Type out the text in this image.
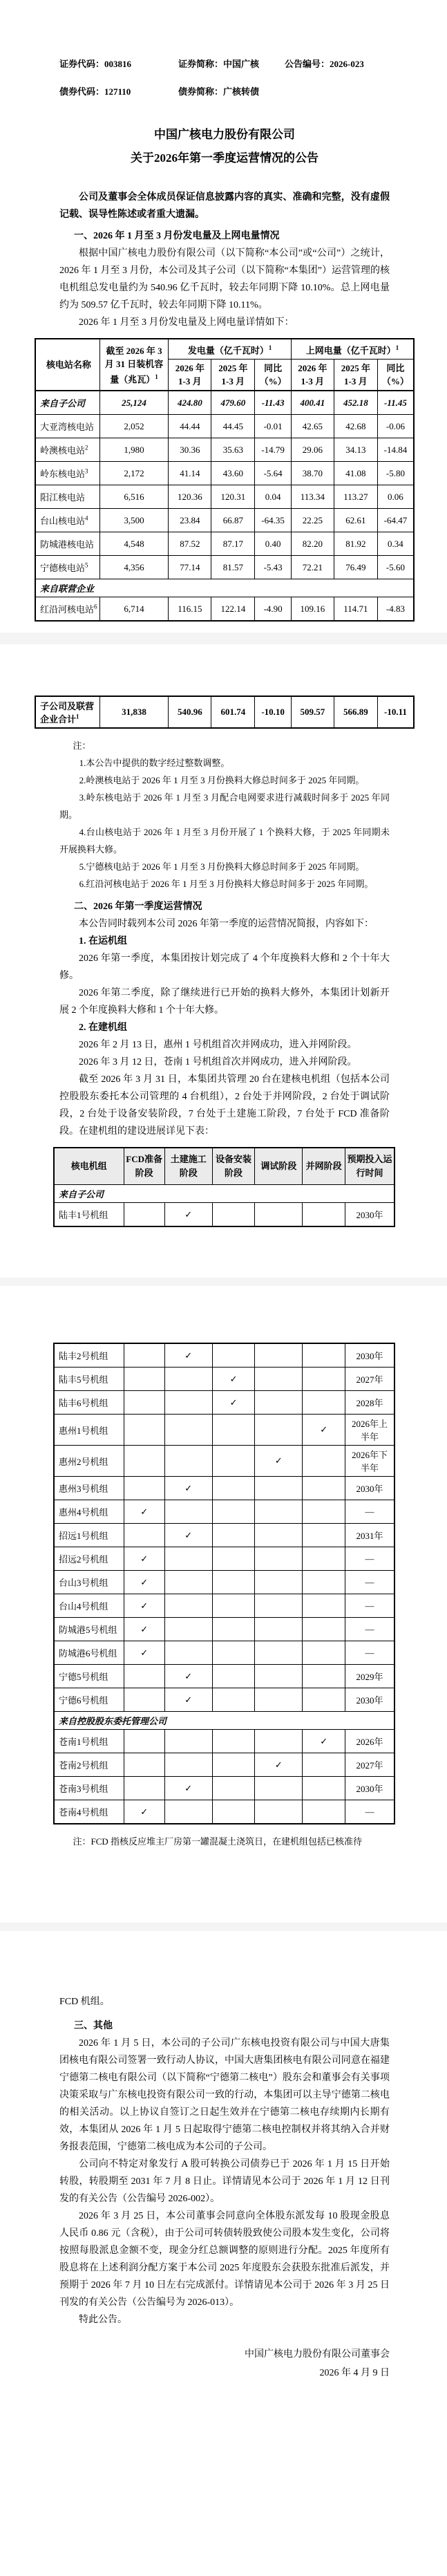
证券代码：003816	证券简称：中国广核	公告编号：2026-023
债券代码：127110	债券简称：广核转债
中国广核电力股份有限公司
关于2026年第一季度运营情况的公告

公司及董事会全体成员保证信息披露内容的真实、准确和完整，没有虚假记载、误导性陈述或者重大遗漏。

一、2026 年 1 月至 3 月份发电量及上网电量情况

根据中国广核电力股份有限公司（以下简称“本公司”或“公司”）之统计，2026 年 1 月至 3 月份，本公司及其子公司（以下简称“本集团”）运营管理的核电机组总发电量约为 540.96 亿千瓦时，较去年同期下降 10.10%。总上网电量约为 509.57 亿千瓦时，较去年同期下降 10.11%。

2026 年 1 月至 3 月份发电量及上网电量详情如下：

核电站名称	截至 2026 年 3月 31 日装机容量（兆瓦）$^1$	发电量（亿千瓦时）$^1$			上网电量（亿千瓦时）$^1$
		2026 年 1-3 月	2025 年 1-3 月	同比（%）	2026 年 1-3 月	2025 年 1-3 月	同比（%）
来自子公司	25,124	424.80	479.60	-11.43	400.41	452.18	-11.45
大亚湾核电站	2,052	44.44	44.45	-0.01	42.65	42.68	-0.06
岭澳核电站$^2$	1,980	30.36	35.63	-14.79	29.06	34.13	-14.84
岭东核电站$^3$	2,172	41.14	43.60	-5.64	38.70	41.08	-5.80
阳江核电站	6,516	120.36	120.31	0.04	113.34	113.27	0.06
台山核电站$^4$	3,500	23.84	66.87	-64.35	22.25	62.61	-64.47
防城港核电站	4,548	87.52	87.17	0.40	82.20	81.92	0.34
宁德核电站$^5$	4,356	77.14	81.57	-5.43	72.21	76.49	-5.60
来自联营企业							
红沿河核电站$^6$	6,714	116.15	122.14	-4.90	109.16	114.71	-4.83
子公司及联营企业合计$^1$	31,838	540.96	601.74	-10.10	509.57	566.89	-10.11

注：

1.本公告中提供的数字经过整数调整。

2.岭澳核电站于 2026 年 1 月至 3 月份换料大修总时间多于 2025 年同期。

3.岭东核电站于 2026 年 1 月至 3 月配合电网要求进行减载时间多于 2025 年同期。

4.台山核电站于 2026 年 1 月至 3 月份开展了 1 个换料大修，于 2025 年同期未开展换料大修。

5.宁德核电站于 2026 年 1 月至 3 月份换料大修总时间多于 2025 年同期。

6.红沿河核电站于 2026 年 1 月至 3 月份换料大修总时间多于 2025 年同期。

二、2026 年第一季度运营情况

本公告同时载列本公司 2026 年第一季度的运营情况简报，内容如下：

1. 在运机组

2026 年第一季度，本集团按计划完成了 4 个年度换料大修和 2 个十年大修。

2026 年第二季度，除了继续进行已开始的换料大修外，本集团计划新开展 2 个年度换料大修和 1 个十年大修。

2. 在建机组

2026 年 2 月 13 日，惠州 1 号机组首次并网成功，进入并网阶段。

2026 年 3 月 12 日，苍南 1 号机组首次并网成功，进入并网阶段。

截至 2026 年 3 月 31 日，本集团共管理 20 台在建核电机组（包括本公司控股股东委托本公司管理的 4 台机组），2 台处于并网阶段，2 台处于调试阶段，2 台处于设备安装阶段，7 台处于土建施工阶段，7 台处于 FCD 准备阶段。在建机组的建设进展详见下表：

核电机组	FCD准备阶段	土建施工阶段	设备安装阶段	调试阶段	并网阶段	预期投入运行时间
来自子公司						
陆丰1号机组		✓				2030年
陆丰2号机组		✓				2030年
陆丰5号机组			✓			2027年
陆丰6号机组			✓			2028年
惠州1号机组					✓	2026年上半年
惠州2号机组				✓		2026年下半年
惠州3号机组		✓				2030年
惠州4号机组	✓					—
招远1号机组		✓				2031年
招远2号机组	✓					—
台山3号机组	✓					—
台山4号机组	✓					—
防城港5号机组	✓					—
防城港6号机组	✓					—
宁德5号机组		✓				2029年
宁德6号机组		✓				2030年
来自控股股东委托管理公司						
苍南1号机组					✓	2026年
苍南2号机组				✓		2027年
苍南3号机组		✓				2030年
苍南4号机组	✓					—

注：FCD 指核反应堆主厂房第一罐混凝土浇筑日，在建机组包括已核准待

FCD 机组。

三、其他

2026 年 1 月 5 日，本公司的子公司广东核电投资有限公司与中国大唐集团核电有限公司签署一致行动人协议，中国大唐集团核电有限公司同意在福建宁德第二核电有限公司（以下简称“宁德第二核电”）股东会和董事会有关事项决策采取与广东核电投资有限公司一致的行动，本集团可以主导宁德第二核电的相关活动。以上协议自签订之日起生效并在宁德第二核电存续期内长期有效，本集团从 2026 年 1 月 5 日起取得宁德第二核电控制权并将其纳入合并财务报表范围，宁德第二核电成为本公司的子公司。

公司向不特定对象发行 A 股可转换公司债券已于 2026 年 1 月 15 日开始转股，转股期至 2031 年 7 月 8 日止。详情请见本公司于 2026 年 1 月 12 日刊发的有关公告（公告编号 2026-002）。

2026 年 3 月 25 日，本公司董事会同意向全体股东派发每 10 股现金股息人民币 0.86 元（含税），由于公司可转债转股致使公司股本发生变化，公司将按照每股派息金额不变，现金分红总额调整的原则进行分配。2025 年度所有股息将在上述利润分配方案于本公司 2025 年度股东会获股东批准后派发，并预期于 2026 年 7 月 10 日左右完成派付。详情请见本公司于 2026 年 3 月 25 日刊发的有关公告（公告编号为 2026-013）。

特此公告。

中国广核电力股份有限公司董事会
2026 年 4 月 9 日
